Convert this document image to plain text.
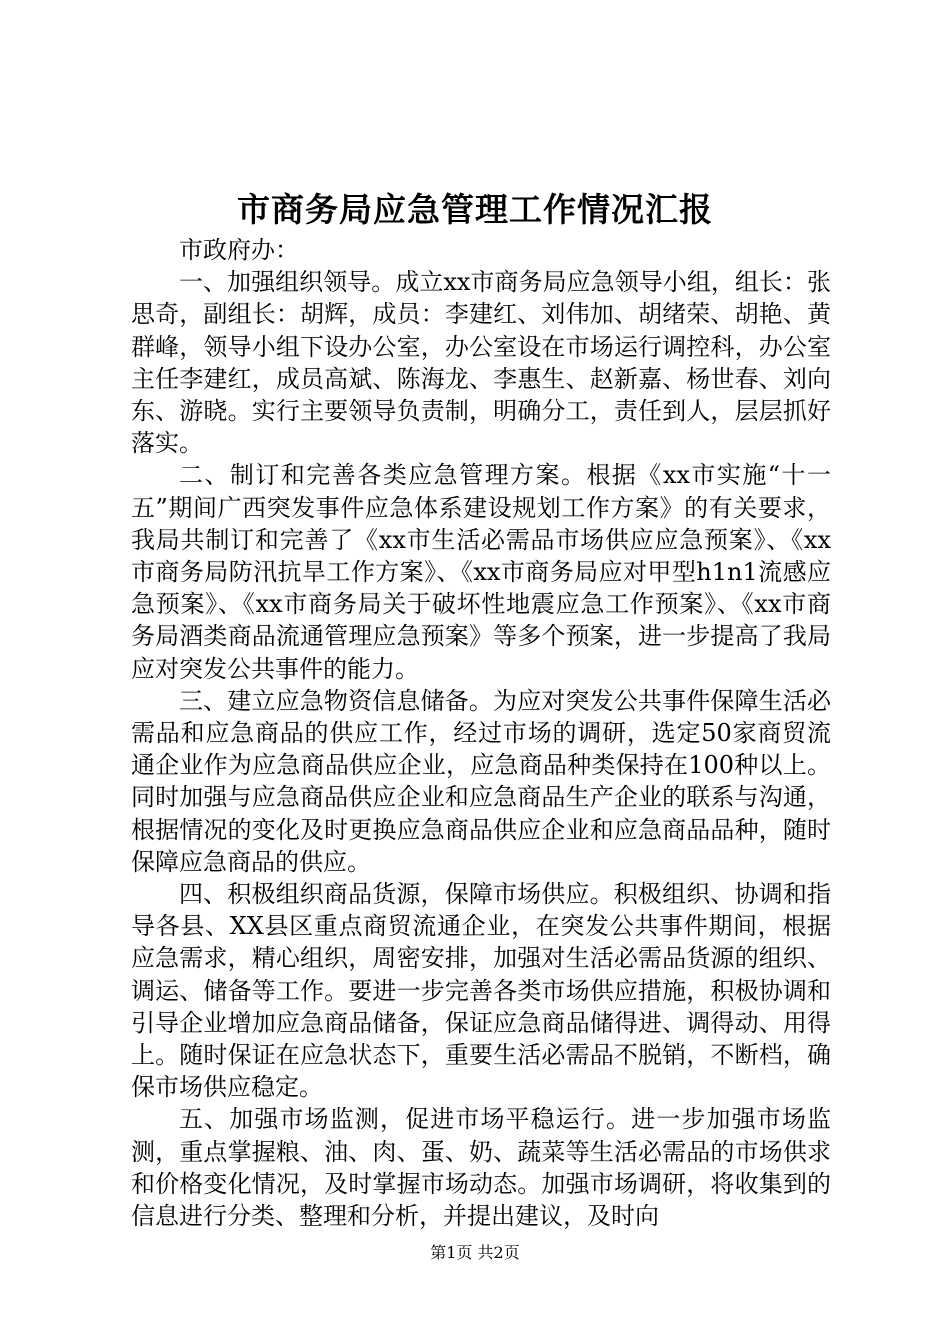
市商务局应急管理工作情况汇报

市政府办：

一、加强组织领导。成立xx市商务局应急领导小组，组长：张思奇，副组长：胡辉，成员：李建红、刘伟加、胡绪荣、胡艳、黄群峰，领导小组下设办公室，办公室设在市场运行调控科，办公室主任李建红，成员高斌、陈海龙、李惠生、赵新嘉、杨世春、刘向东、游晓。实行主要领导负责制，明确分工，责任到人，层层抓好落实。

二、制订和完善各类应急管理方案。根据《xx市实施“十一五”期间广西突发事件应急体系建设规划工作方案》的有关要求，我局共制订和完善了《xx市生活必需品市场供应应急预案》、《xx市商务局防汛抗旱工作方案》、《xx市商务局应对甲型h1n1流感应急预案》、《xx市商务局关于破坏性地震应急工作预案》、《xx市商务局酒类商品流通管理应急预案》等多个预案，进一步提高了我局应对突发公共事件的能力。

三、建立应急物资信息储备。为应对突发公共事件保障生活必需品和应急商品的供应工作，经过市场的调研，选定50家商贸流通企业作为应急商品供应企业，应急商品种类保持在100种以上。同时加强与应急商品供应企业和应急商品生产企业的联系与沟通，根据情况的变化及时更换应急商品供应企业和应急商品品种，随时保障应急商品的供应。

四、积极组织商品货源，保障市场供应。积极组织、协调和指导各县、XX县区重点商贸流通企业，在突发公共事件期间，根据应急需求，精心组织，周密安排，加强对生活必需品货源的组织、调运、储备等工作。要进一步完善各类市场供应措施，积极协调和引导企业增加应急商品储备，保证应急商品储得进、调得动、用得上。随时保证在应急状态下，重要生活必需品不脱销，不断档，确保市场供应稳定。

五、加强市场监测，促进市场平稳运行。进一步加强市场监测，重点掌握粮、油、肉、蛋、奶、蔬菜等生活必需品的市场供求和价格变化情况，及时掌握市场动态。加强市场调研，将收集到的信息进行分类、整理和分析，并提出建议，及时向

第1页 共2页
